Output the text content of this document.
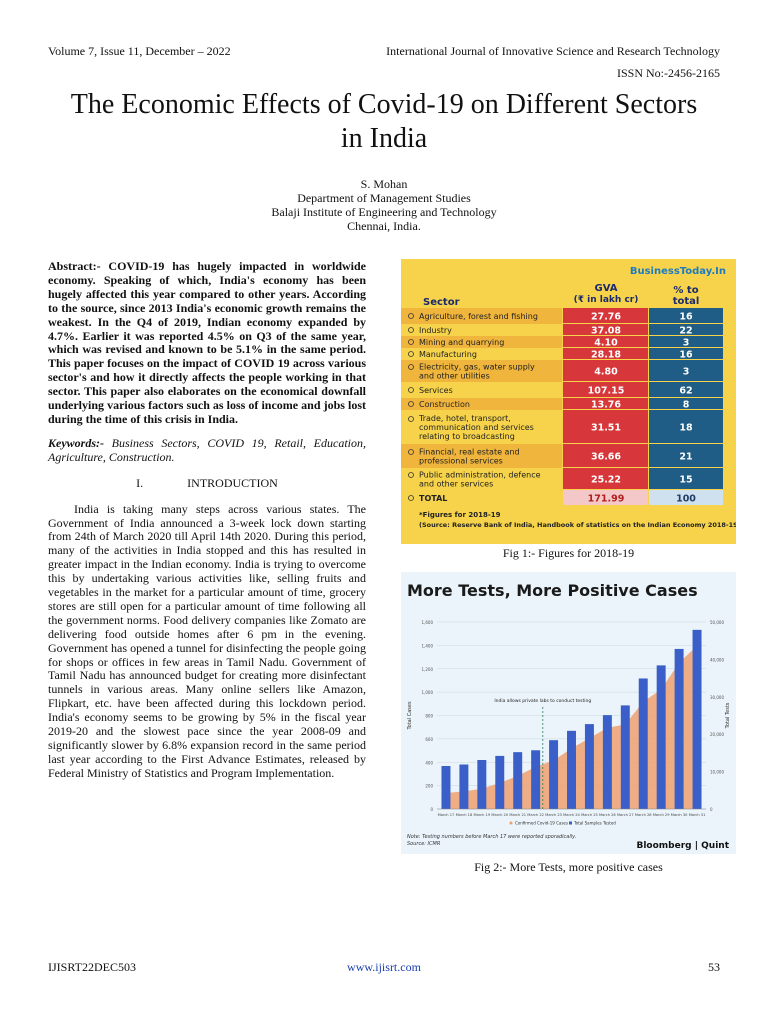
Volume 7, Issue 11, December – 2022	International Journal of Innovative Science and Research Technology
ISSN No:-2456-2165
The Economic Effects of Covid-19 on Different Sectors in India
S. Mohan
Department of Management Studies
Balaji Institute of Engineering and Technology
Chennai, India.

Abstract:- COVID-19 has hugely impacted in worldwide economy. Speaking of which, India's economy has been hugely affected this year compared to other years. According to the source, since 2013 India's economic growth remains the weakest. In the Q4 of 2019, Indian economy expanded by 4.7%. Earlier it was reported 4.5% on Q3 of the same year, which was revised and known to be 5.1% in the same period. This paper focuses on the impact of COVID 19 across various sector's and how it directly affects the people working in that sector. This paper also elaborates on the economical downfall underlying various factors such as loss of income and jobs lost during the time of this crisis in India.

Keywords:- Business Sectors, COVID 19, Retail, Education, Agriculture, Construction.

I.	INTRODUCTION

India is taking many steps across various states. The Government of India announced a 3-week lock down starting from 24th of March 2020 till April 14th 2020. During this period, many of the activities in India stopped and this has resulted in greater impact in the Indian economy. India is trying to overcome this by undertaking various activities like, selling fruits and vegetables in the market for a particular amount of time, grocery stores are still open for a particular amount of time following all the government norms. Food delivery companies like Zomato are delivering food outside homes after 6 pm in the evening. Government has opened a tunnel for disinfecting the people going for shops or offices in few areas in Tamil Nadu. Government of Tamil Nadu has announced budget for creating more disinfectant tunnels in various areas. Many online sellers like Amazon, Flipkart, etc. have been affected during this lockdown period. India's economy seems to be growing by 5% in the fiscal year 2019-20 and the slowest pace since the year 2008-09 and significantly slower by 6.8% expansion record in the same period last year according to the First Advance Estimates, released by Federal Ministry of Statistics and Program Implementation.

BusinessToday.In
Sector
GVA
(₹ in lakh cr)
% to
total
Agriculture, forest and fishing	27.76	16
Industry	37.08	22
Mining and quarrying	4.10	3
Manufacturing	28.18	16
Electricity, gas, water supply
and other utilities	4.80	3
Services	107.15	62
Construction	13.76	8
Trade, hotel, transport,
communication and services
relating to broadcasting
31.51	18
Financial, real estate and
professional services	36.66	21
Public administration, defence
and other services	25.22	15
TOTAL	171.99	100
*Figures for 2018-19
(Source: Reserve Bank of India, Handbook of statistics on the Indian Economy 2018-19)
Fig 1:- Figures for 2018-19
More Tests, More Positive Cases
0
200
400
600
800
1,000
1,200
1,400
1,600
0
10,000
20,000
30,000
40,000
50,000
Total Cases	Total Tests
March 17 March 18 March 19 March 20 March 21 March 22 March 23 March 24 March 25 March 26 March 27 March 28 March 29 March 30 March 31
India allows private labs to conduct testing
Confirmed Covid-19 Cases Total Samples Tested
Note: Testing numbers before March 17 were reported sporadically.
Source: ICMR	Bloomberg | Quint
Fig 2:- More Tests, more positive cases
IJISRT22DEC503	www.ijisrt.com	53
